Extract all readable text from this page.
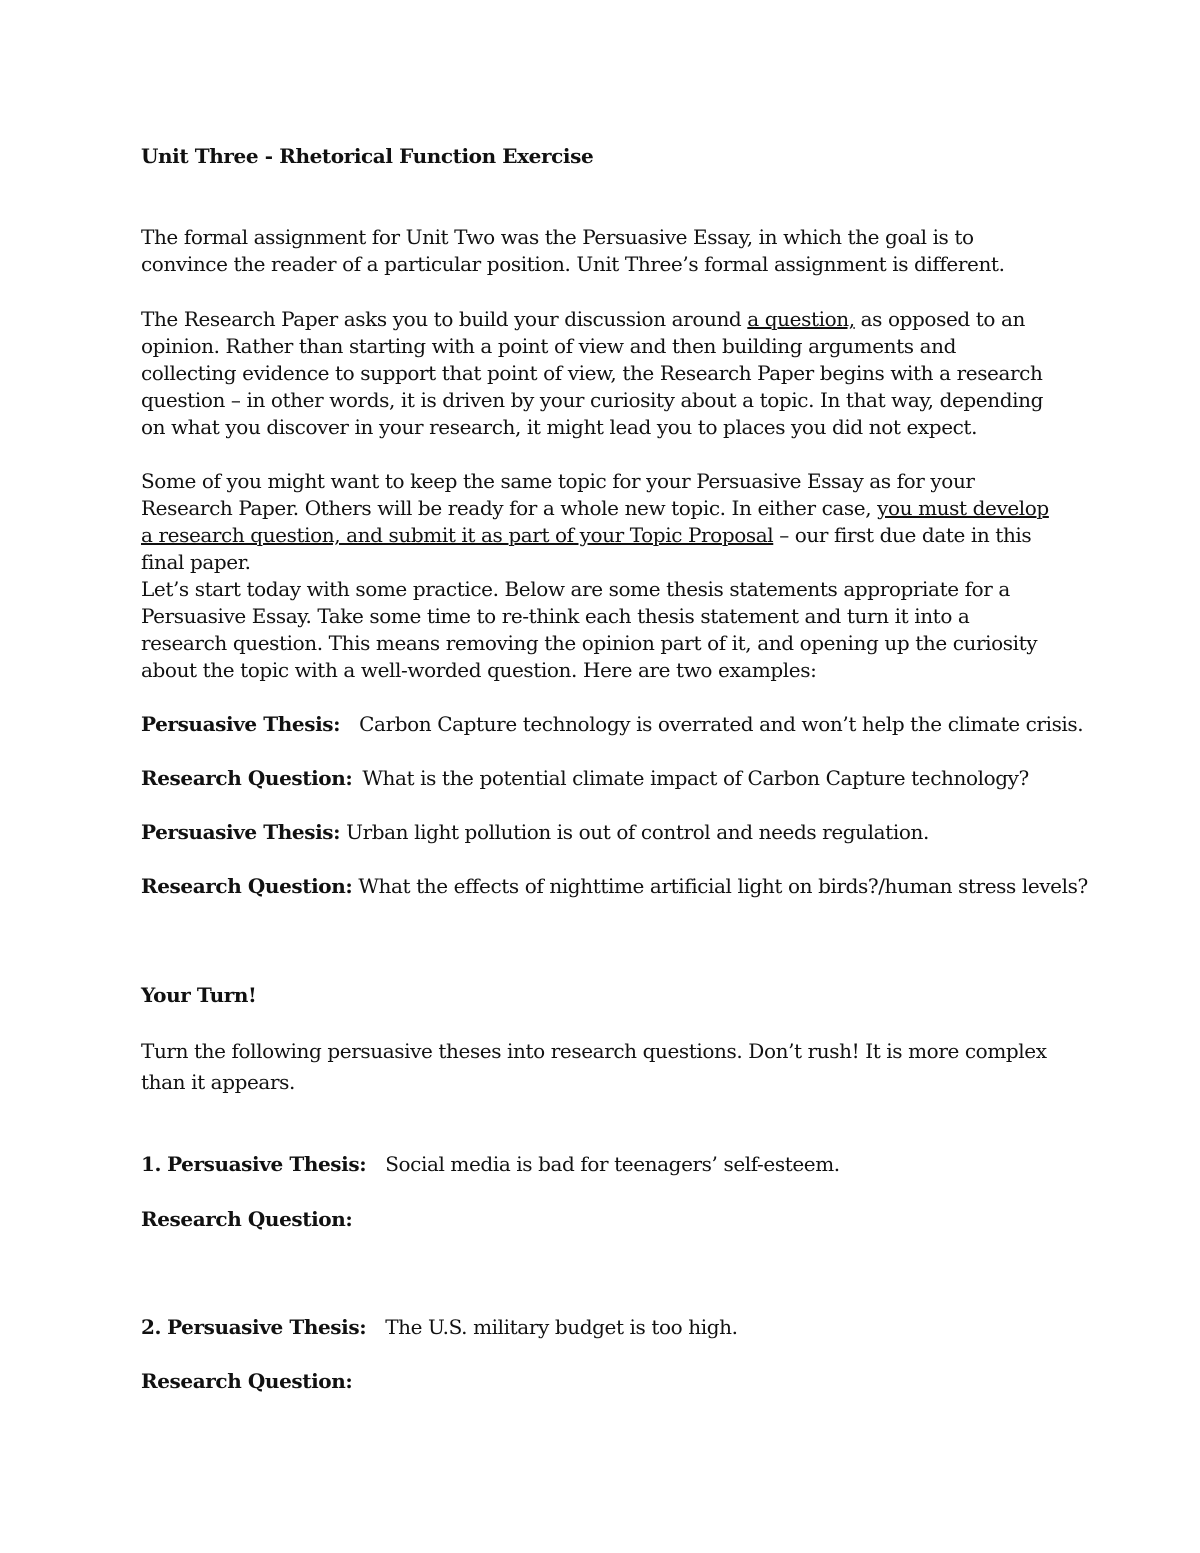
Unit Three - Rhetorical Function Exercise
The formal assignment for Unit Two was the Persuasive Essay, in which the goal is to convince the reader of a particular position. Unit Three’s formal assignment is different.
The Research Paper asks you to build your discussion around a question, as opposed to an opinion. Rather than starting with a point of view and then building arguments and collecting evidence to support that point of view, the Research Paper begins with a research question – in other words, it is driven by your curiosity about a topic. In that way, depending on what you discover in your research, it might lead you to places you did not expect.
Some of you might want to keep the same topic for your Persuasive Essay as for your Research Paper. Others will be ready for a whole new topic. In either case, you must develop a research question, and submit it as part of your Topic Proposal – our first due date in this final paper.
Let’s start today with some practice. Below are some thesis statements appropriate for a Persuasive Essay. Take some time to re-think each thesis statement and turn it into a research question. This means removing the opinion part of it, and opening up the curiosity about the topic with a well-worded question. Here are two examples:
Persuasive Thesis: Carbon Capture technology is overrated and won’t help the climate crisis.
Research Question: What is the potential climate impact of Carbon Capture technology?
Persuasive Thesis: Urban light pollution is out of control and needs regulation.
Research Question: What the effects of nighttime artificial light on birds?/human stress levels?
Your Turn!
Turn the following persuasive theses into research questions. Don’t rush! It is more complex than it appears.
1. Persuasive Thesis: Social media is bad for teenagers’ self-esteem.
Research Question:
2. Persuasive Thesis: The U.S. military budget is too high.
Research Question:
